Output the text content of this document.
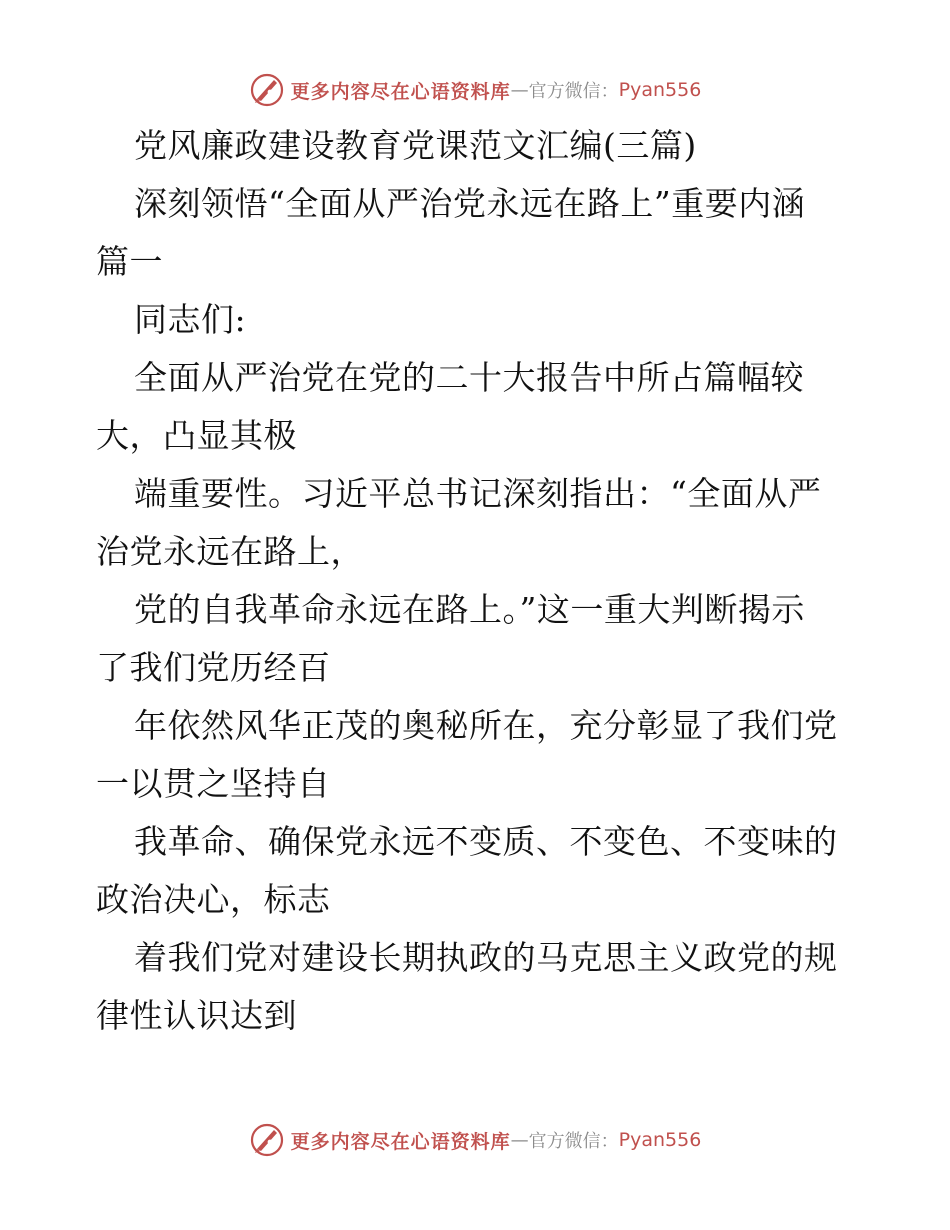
更多内容尽在心语资料库 — 官方微信： Pyan556
党风廉政建设教育党课范文汇编(三篇)
深刻领悟“全面从严治党永远在路上”重要内涵
篇一
同志们:
全面从严治党在党的二十大报告中所占篇幅较
大，凸显其极
端重要性。习近平总书记深刻指出：“全面从严
治党永远在路上，
党的自我革命永远在路上。”这一重大判断揭示
了我们党历经百
年依然风华正茂的奥秘所在，充分彰显了我们党
一以贯之坚持自
我革命、确保党永远不变质、不变色、不变味的
政治决心，标志
着我们党对建设长期执政的马克思主义政党的规
律性认识达到
更多内容尽在心语资料库 — 官方微信： Pyan556
